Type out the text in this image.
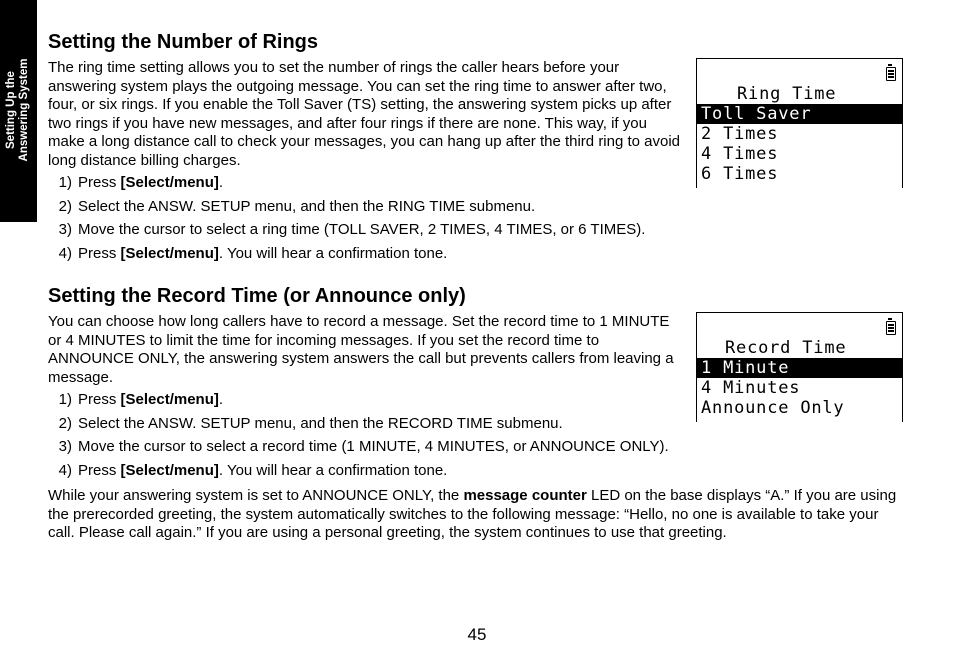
Setting Up the Answering System
Setting the Number of Rings

The ring time setting allows you to set the number of rings the caller hears before your answering system plays the outgoing message. You can set the ring time to answer after two, four, or six rings. If you enable the Toll Saver (TS) setting, the answering system picks up after two rings if you have new messages, and after four rings if there are none. This way, if you make a long distance call to check your messages, you can hang up after the third ring to avoid long distance billing charges.

1) Press [Select/menu].
2) Select the ANSW. SETUP menu, and then the RING TIME submenu.
3) Move the cursor to select a ring time (TOLL SAVER, 2 TIMES, 4 TIMES, or 6 TIMES).
4) Press [Select/menu]. You will hear a confirmation tone.
Ring Time
Toll Saver
2 Times
4 Times
6 Times
Setting the Record Time (or Announce only)

You can choose how long callers have to record a message. Set the record time to 1 MINUTE or 4 MINUTES to limit the time for incoming messages. If you set the record time to ANNOUNCE ONLY, the answering system answers the call but prevents callers from leaving a message.

1) Press [Select/menu].
2) Select the ANSW. SETUP menu, and then the RECORD TIME submenu.
3) Move the cursor to select a record time (1 MINUTE, 4 MINUTES, or ANNOUNCE ONLY).
4) Press [Select/menu]. You will hear a confirmation tone.
Record Time
1 Minute
4 Minutes
Announce Only

While your answering system is set to ANNOUNCE ONLY, the message counter LED on the base displays “A.” If you are using the prerecorded greeting, the system automatically switches to the following message: “Hello, no one is available to take your call. Please call again.” If you are using a personal greeting, the system continues to use that greeting.

45
